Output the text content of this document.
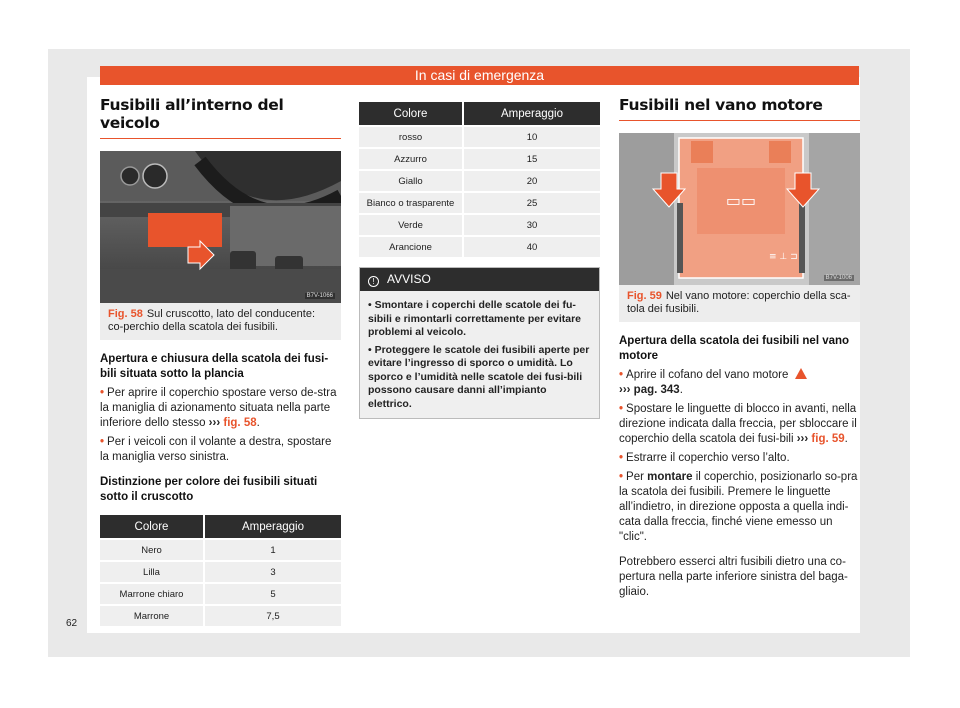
In casi di emergenza
Fusibili all’interno del veicolo
B7V-1066
Fig. 58 Sul cruscotto, lato del conducente: co-perchio della scatola dei fusibili.
Apertura e chiusura della scatola dei fusi-bili situata sotto la plancia

• Per aprire il coperchio spostare verso de-stra la maniglia di azionamento situata nella parte inferiore dello stesso ››› fig. 58.

• Per i veicoli con il volante a destra, spostare la maniglia verso sinistra.

Distinzione per colore dei fusibili situati sotto il cruscotto
Colore	Amperaggio
Nero	1
Lilla	3
Marrone chiaro	5
Marrone	7,5
Colore	Amperaggio
rosso	10
Azzurro	15
Giallo	20
Bianco o trasparente	25
Verde	30
Arancione	40
! AVVISO

• Smontare i coperchi delle scatole dei fu-sibili e rimontarli correttamente per evitare problemi al veicolo.

• Proteggere le scatole dei fusibili aperte per evitare l’ingresso di sporco o umidità. Lo sporco e l’umidità nelle scatole dei fusi-bili possono causare danni all’impianto elettrico.

Fusibili nel vano motore
▭▭
≡ ⊥ ⊐
B7V-1006
Fig. 59 Nel vano motore: coperchio della sca-tola dei fusibili.
Apertura della scatola dei fusibili nel vano motore

• Aprire il cofano del vano motore
››› pag. 343.

• Spostare le linguette di blocco in avanti, nella direzione indicata dalla freccia, per sbloccare il coperchio della scatola dei fusi-bili ››› fig. 59.

• Estrarre il coperchio verso l’alto.

• Per montare il coperchio, posizionarlo so-pra la scatola dei fusibili. Premere le linguette all’indietro, in direzione opposta a quella indi-cata dalla freccia, finché viene emesso un "clic".

Potrebbero esserci altri fusibili dietro una co-pertura nella parte inferiore sinistra del baga-gliaio.

62
